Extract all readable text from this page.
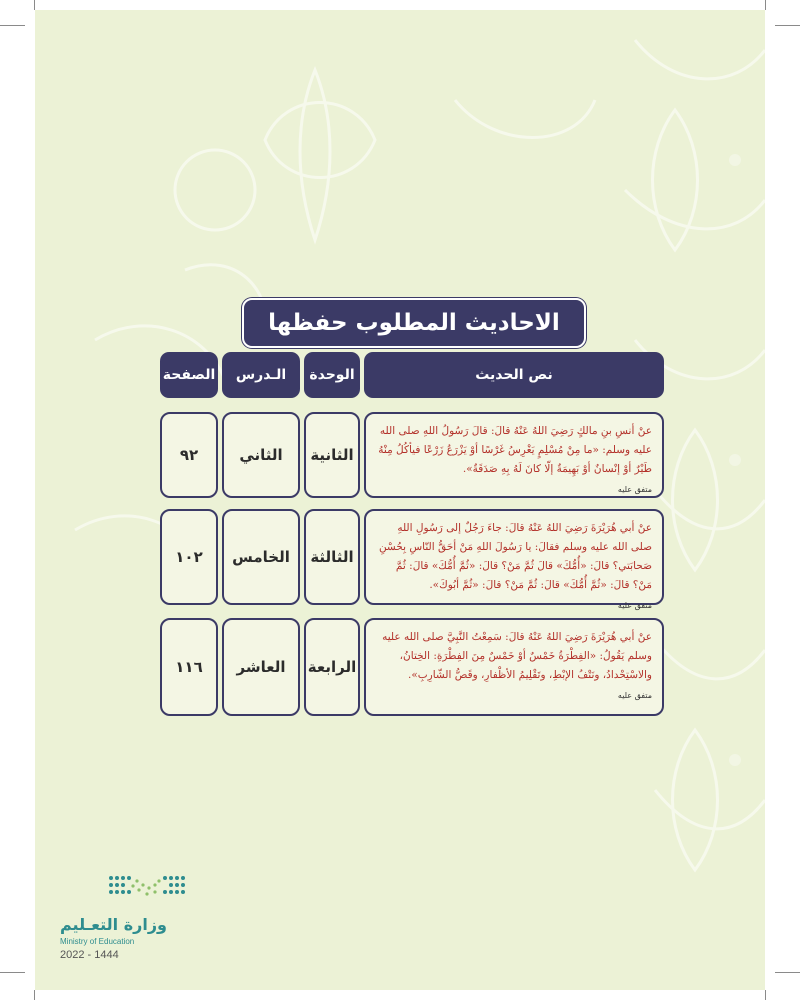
الاحاديث المطلوب حفظها
نص الحديث
الوحدة
الـدرس
الصفحة
عنْ أنسِ بنِ مالكٍ رَضِيَ اللهُ عَنْهُ قالَ: قالَ رَسُولُ اللهِ صلى الله عليه وسلم: «ما مِنْ مُسْلِمٍ يَغْرِسُ غَرْسًا أوْ يَزْرَعُ زَرْعًا فيأكُلُ مِنْهُ طَيْرٌ أوْ إنْسانٌ أوْ بَهِيمَةٌ إلّا كانَ لَهُ بِهِ صَدَقَةٌ».
متفق عليه
الثانية
الثاني
٩٢
عنْ أبي هُرَيْرَةَ رَضِيَ اللهُ عَنْهُ قالَ: جاءَ رَجُلٌ إلى رَسُولِ اللهِ صلى الله عليه وسلم فقالَ: يا رَسُولَ اللهِ مَنْ أحَقُّ النّاسِ بِحُسْنِ صَحابَتي؟ قالَ: «أُمُّكَ» قالَ ثُمَّ مَنْ؟ قالَ: «ثُمَّ أُمُّكَ» قالَ: ثُمَّ مَنْ؟ قالَ: «ثُمَّ أُمُّكَ» قالَ: ثُمَّ مَنْ؟ قالَ: «ثُمَّ أبُوكَ».
متفق عليه
الثالثة
الخامس
١٠٢
عنْ أبي هُرَيْرَةَ رَضِيَ اللهُ عَنْهُ قالَ: سَمِعْتُ النَّبِيَّ صلى الله عليه وسلم يَقُولُ: «الفِطْرَةُ خَمْسٌ أوْ خَمْسٌ مِنَ الفِطْرَةِ: الخِتانُ، والاسْتِحْدادُ، ونَتْفُ الإبْطِ، وتَقْلِيمُ الأظْفارِ، وقَصُّ الشّارِبِ».
متفق عليه
الرابعة
العاشر
١١٦
وزارة التعـليم
Ministry of Education
2022 - 1444
